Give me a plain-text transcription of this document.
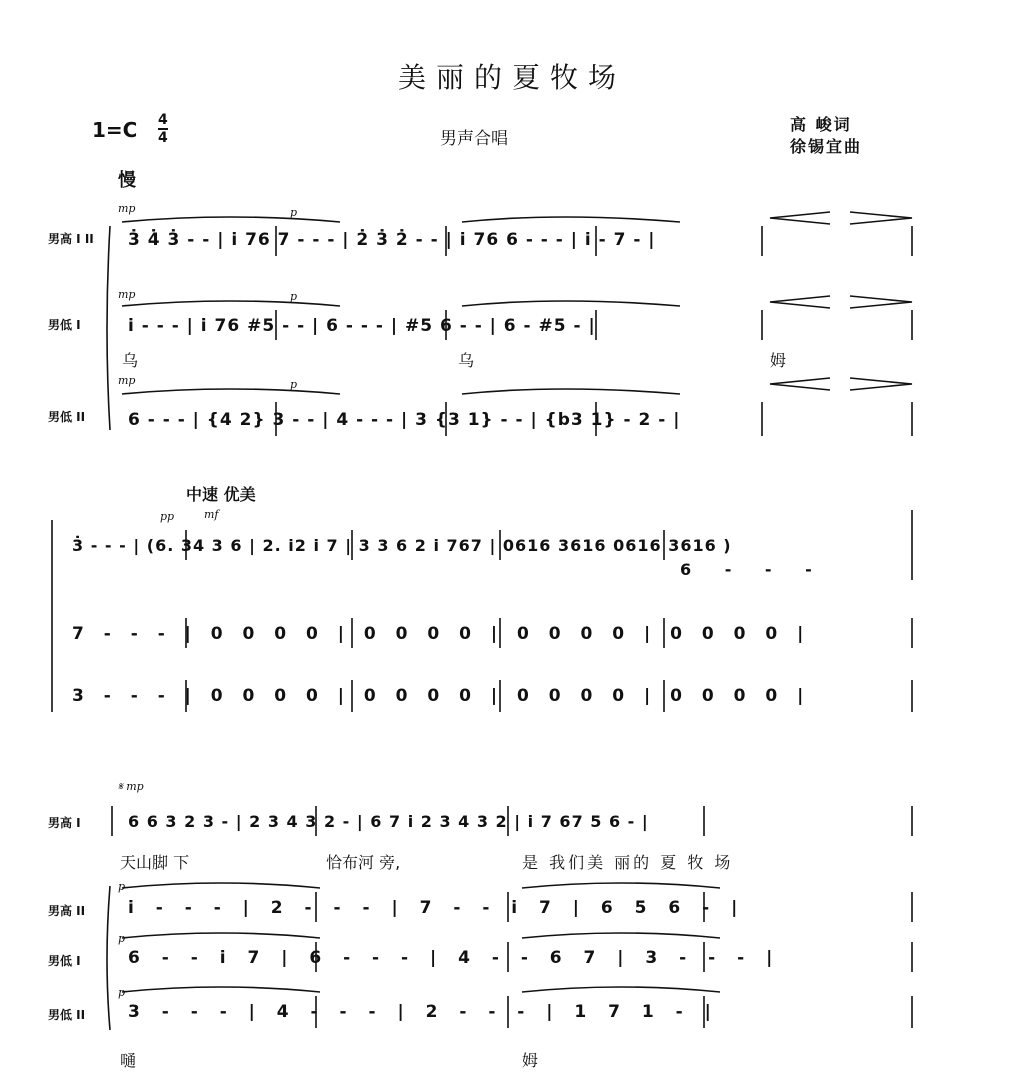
美丽的夏牧场
1=C 4
4	男声合唱
高 峻词
徐锡宜曲
慢
mp	p
男高 I II 3̇ 4̇ 3̇ - - | i 76 7 - - - | 2̇ 3̇ 2̇ - - | i 76 6 - - - | i - 7 - |
mp	p
男低 I	i - - - | i 76 #5 - - | 6 - - - | #5 6 - - | 6 - #5 - |
乌	乌	姆
mp	p
男低 II	6 - - - | {4 2} 3 - - | 4 - - - | 3 {3 1} - - | {b3 1} - 2 - |
中速 优美
pp	mf
3̇ - - - | (6. 34 3 6 | 2. i2 i 7 | 3 3 6 2 i 767 | 0616 3616 0616 3616 )
6 - - -
7 - - - | 0 0 0 0 | 0 0 0 0 | 0 0 0 0 | 0 0 0 0 |
3 - - - | 0 0 0 0 | 0 0 0 0 | 0 0 0 0 | 0 0 0 0 |
𝄋 mp
男高 I	6 6 3 2 3 - | 2 3 4 3 2 - | 6 7 i 2 3 4 3 2 | i 7 67 5 6 - |
天山脚 下	恰布河 旁,	是 我们美 丽的 夏 牧 场
p
男高 II	i - - - | 2 - - - | 7 - - i 7 | 6 5 6 - |
p
男低 I	6 - - i 7 | 6 - - - | 4 - - 6 7 | 3 - - - |
p
男低 II	3 - - - | 4 - - - | 2 - - - | 1 7 1 - |
嗵	姆
